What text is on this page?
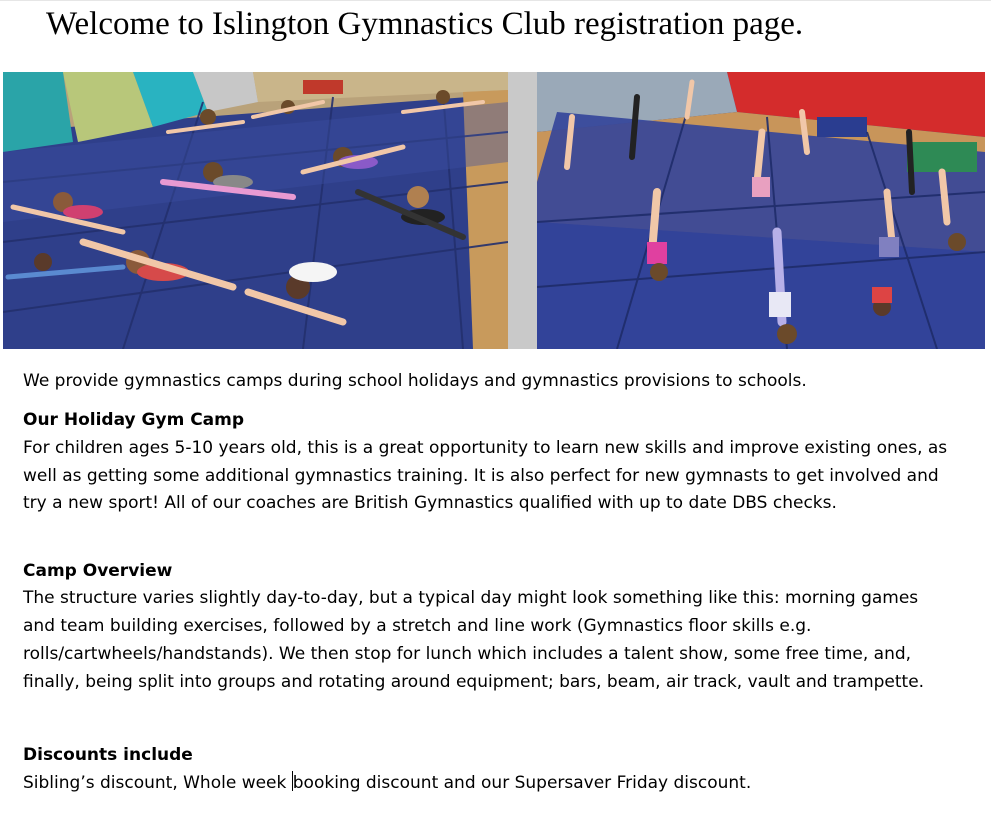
Welcome to Islington Gymnastics Club registration page.
We provide gymnastics camps during school holidays and gymnastics provisions to schools.
Our Holiday Gym Camp
For children ages 5-10 years old, this is a great opportunity to learn new skills and improve existing ones, as
well as getting some additional gymnastics training. It is also perfect for new gymnasts to get involved and
try a new sport! All of our coaches are British Gymnastics qualified with up to date DBS checks.
Camp Overview
The structure varies slightly day-to-day, but a typical day might look something like this: morning games
and team building exercises, followed by a stretch and line work (Gymnastics floor skills e.g.
rolls/cartwheels/handstands). We then stop for lunch which includes a talent show, some free time, and,
finally, being split into groups and rotating around equipment; bars, beam, air track, vault and trampette.
Discounts include
Sibling’s discount, Whole week booking discount and our Supersaver Friday discount.
